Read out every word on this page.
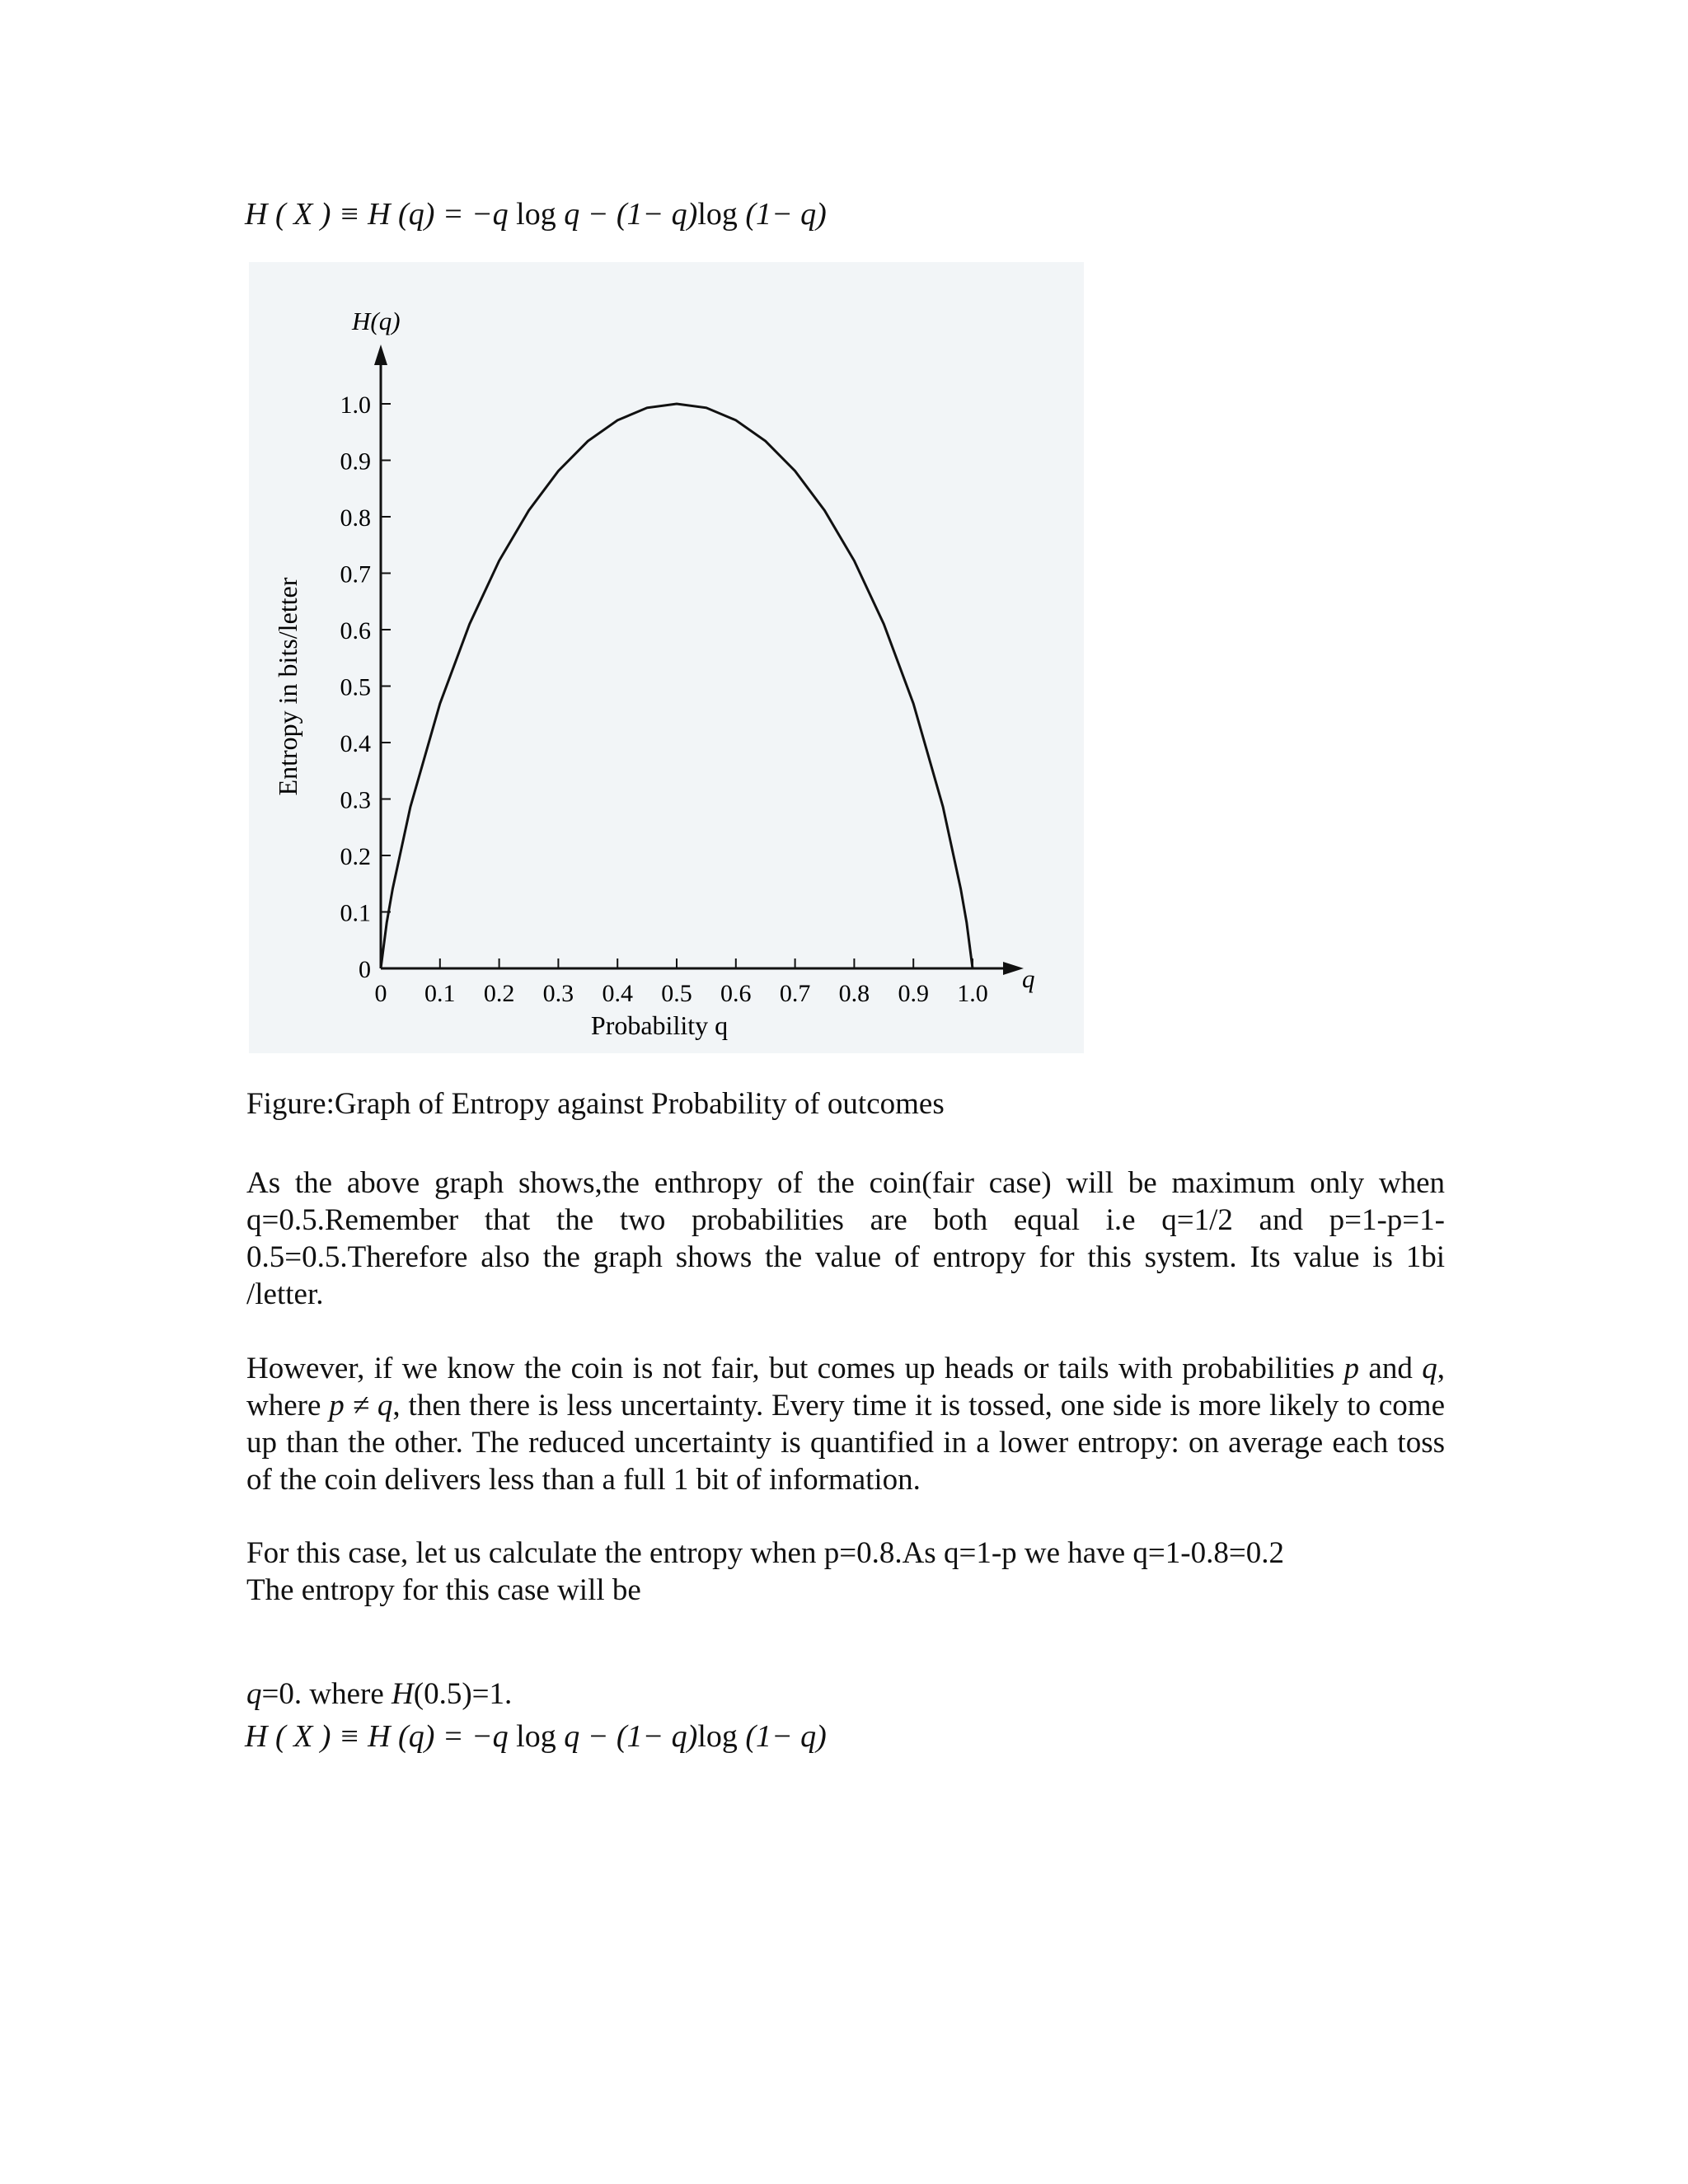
H ( X ) ≡ H (q) = −q log q − (1− q)log (1− q)
0
0.1
0.2
0.3
0.4
0.5
0.6
0.7
0.8
0.9
1.0
0 0.1 0.2 0.3 0.4 0.5 0.6 0.7 0.8 0.9 1.0
H(q)
q
Probability q
Entropy in bits/letter
Figure:Graph of Entropy against Probability of outcomes

As the above graph shows,the enthropy of the coin(fair case) will be maximum only when q=0.5.Remember that the two probabilities are both equal i.e q=1/2 and p=1-p=1-0.5=0.5.Therefore also the graph shows the value of entropy for this system. Its value is 1bi /letter.

However, if we know the coin is not fair, but comes up heads or tails with probabilities p and q, where p ≠ q, then there is less uncertainty. Every time it is tossed, one side is more likely to come up than the other. The reduced uncertainty is quantified in a lower entropy: on average each toss of the coin delivers less than a full 1 bit of information.

For this case, let us calculate the entropy when p=0.8.As q=1-p we have q=1-0.8=0.2
The entropy for this case will be

q=0. where H(0.5)=1.
H ( X ) ≡ H (q) = −q log q − (1− q)log (1− q)
